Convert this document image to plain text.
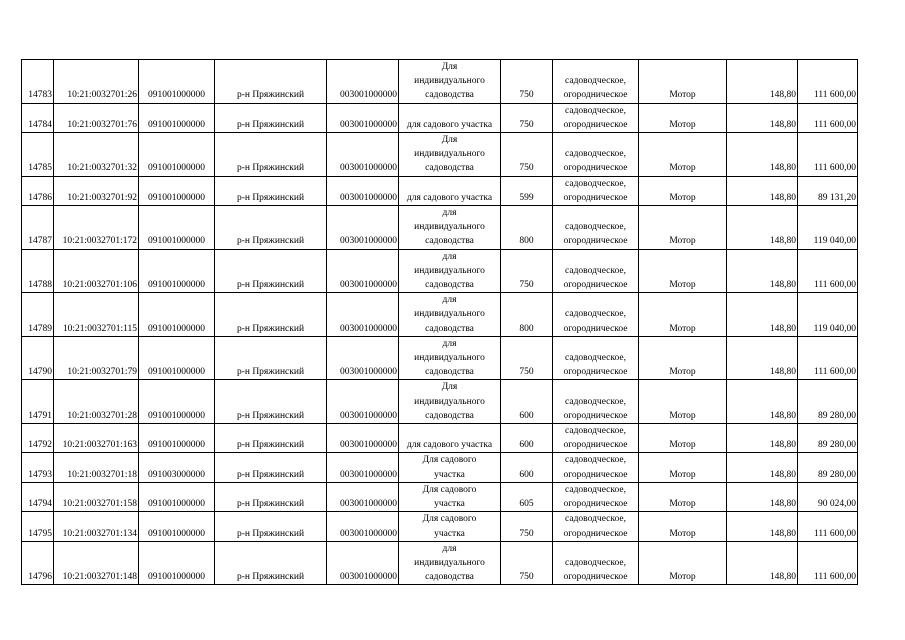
14783	10:21:0032701:26	091001000000	р-н Пряжинский	003001000000	Для
индивидуального
садоводства	750	садоводческое,
огородническое	Мотор	148,80	111 600,00
14784	10:21:0032701:76	091001000000	р-н Пряжинский	003001000000	для садового участка	750	садоводческое,
огородническое	Мотор	148,80	111 600,00
14785	10:21:0032701:32	091001000000	р-н Пряжинский	003001000000	Для
индивидуального
садоводства	750	садоводческое,
огородническое	Мотор	148,80	111 600,00
14786	10:21:0032701:92	091001000000	р-н Пряжинский	003001000000	для садового участка	599	садоводческое,
огородническое	Мотор	148,80	89 131,20
14787	10:21:0032701:172	091001000000	р-н Пряжинский	003001000000	для
индивидуального
садоводства	800	садоводческое,
огородническое	Мотор	148,80	119 040,00
14788	10:21:0032701:106	091001000000	р-н Пряжинский	003001000000	для
индивидуального
садоводства	750	садоводческое,
огородническое	Мотор	148,80	111 600,00
14789	10:21:0032701:115	091001000000	р-н Пряжинский	003001000000	для
индивидуального
садоводства	800	садоводческое,
огородническое	Мотор	148,80	119 040,00
14790	10:21:0032701:79	091001000000	р-н Пряжинский	003001000000	для
индивидуального
садоводства	750	садоводческое,
огородническое	Мотор	148,80	111 600,00
14791	10:21:0032701:28	091001000000	р-н Пряжинский	003001000000	Для
индивидуального
садоводства	600	садоводческое,
огородническое	Мотор	148,80	89 280,00
14792	10:21:0032701:163	091001000000	р-н Пряжинский	003001000000	для садового участка	600	садоводческое,
огородническое	Мотор	148,80	89 280,00
14793	10:21:0032701:18	091003000000	р-н Пряжинский	003001000000	Для садового
участка	600	садоводческое,
огородническое	Мотор	148,80	89 280,00
14794	10:21:0032701:158	091001000000	р-н Пряжинский	003001000000	Для садового
участка	605	садоводческое,
огородническое	Мотор	148,80	90 024,00
14795	10:21:0032701:134	091001000000	р-н Пряжинский	003001000000	Для садового
участка	750	садоводческое,
огородническое	Мотор	148,80	111 600,00
14796	10:21:0032701:148	091001000000	р-н Пряжинский	003001000000	для
индивидуального
садоводства	750	садоводческое,
огородническое	Мотор	148,80	111 600,00
